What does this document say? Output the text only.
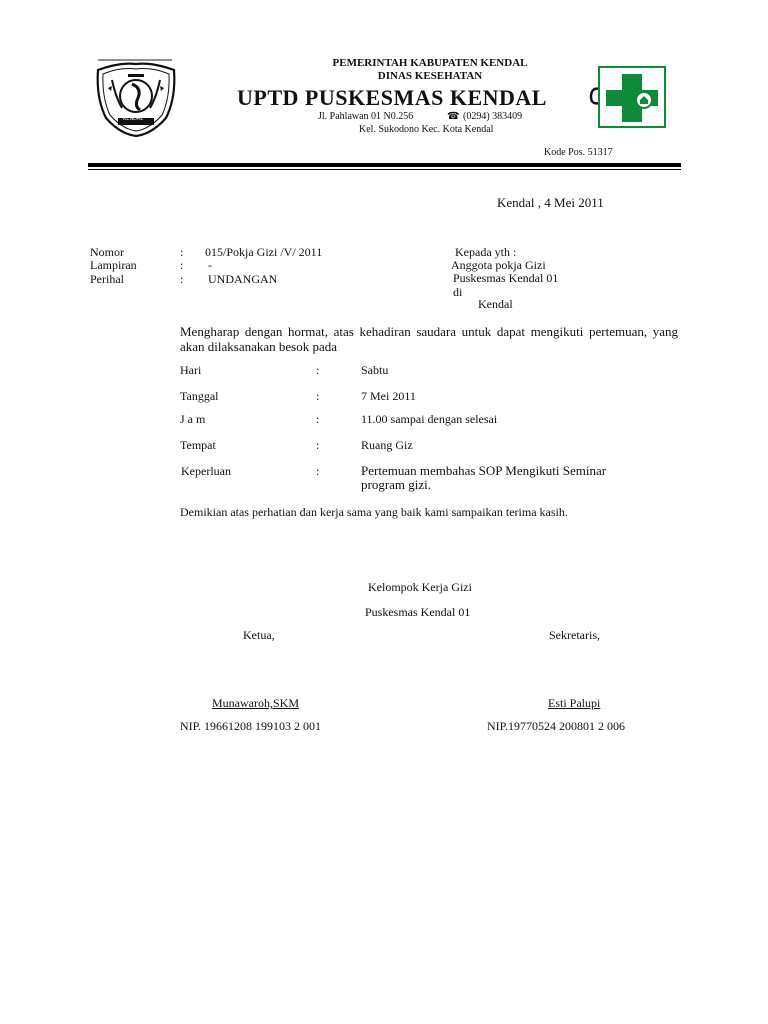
KENDAL
PEMERINTAH KABUPATEN KENDAL
DINAS KESEHATAN
UPTD PUSKESMAS KENDAL
Jl. Pahlawan 01 N0.256	☎ (0294) 383409
Kel. Sukodono Kec. Kota Kendal
Kode Pos. 51317
Kendal , 4 Mei 2011
Nomor	: 015/Pokja Gizi /V/ 2011
Lampiran	: -
Perihal	: UNDANGAN
Kepada yth :
Anggota pokja Gizi
Puskesmas Kendal 01
di
Kendal
Mengharap dengan hormat, atas kehadiran saudara untuk dapat mengikuti pertemuan, yang akan dilaksanakan besok pada
Hari	:	Sabtu
Tanggal	:	7 Mei 2011
J a m	:	11.00 sampai dengan selesai
Tempat	:	Ruang Giz
Keperluan	:	Pertemuan membahas SOP Mengikuti Seminar
program gizi.
Demikian atas perhatian dan kerja sama yang baik kami sampaikan terima kasih.
Kelompok Kerja Gizi
Puskesmas Kendal 01
Ketua,	Sekretaris,
Munawaroh,SKM	Esti Palupi
NIP. 19661208 199103 2 001	NIP.19770524 200801 2 006
